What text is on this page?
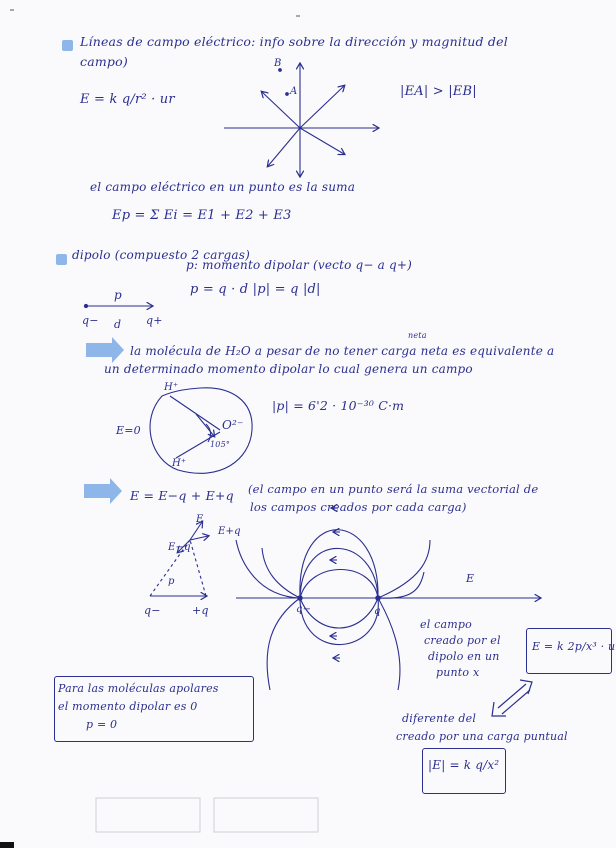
Líneas de campo eléctrico: info sobre la dirección y magnitud del
campo)
E = k q/r² · ur
|EA| > |EB|
B
A
el campo eléctrico en un punto es la suma
Ep = Σ Ei = E1 + E2 + E3
dipolo (compuesto 2 cargas)
p: momento dipolar (vecto q− a q+)
p = q · d |p| = q |d|
p
q− d q+
neta
la molécula de H₂O a pesar de no tener carga neta es equivalente a
un determinado momento dipolar lo cual genera un campo
|p| = 6'2 · 10⁻³⁰ C·m
E=0
H⁺
H⁺
O²⁻
105°
E = E−q + E+q (el campo en un punto será la suma vectorial de
los campos creados por cada carga)
E
E+q
E−q
p
q−	+q
E
q−	q
el campo
creado por el
dipolo en un
punto x
E = k 2p/x³ · u
diferente del
creado por una carga puntual
|E| = k q/x²
Para las moléculas apolares
el momento dipolar es 0
p = 0
